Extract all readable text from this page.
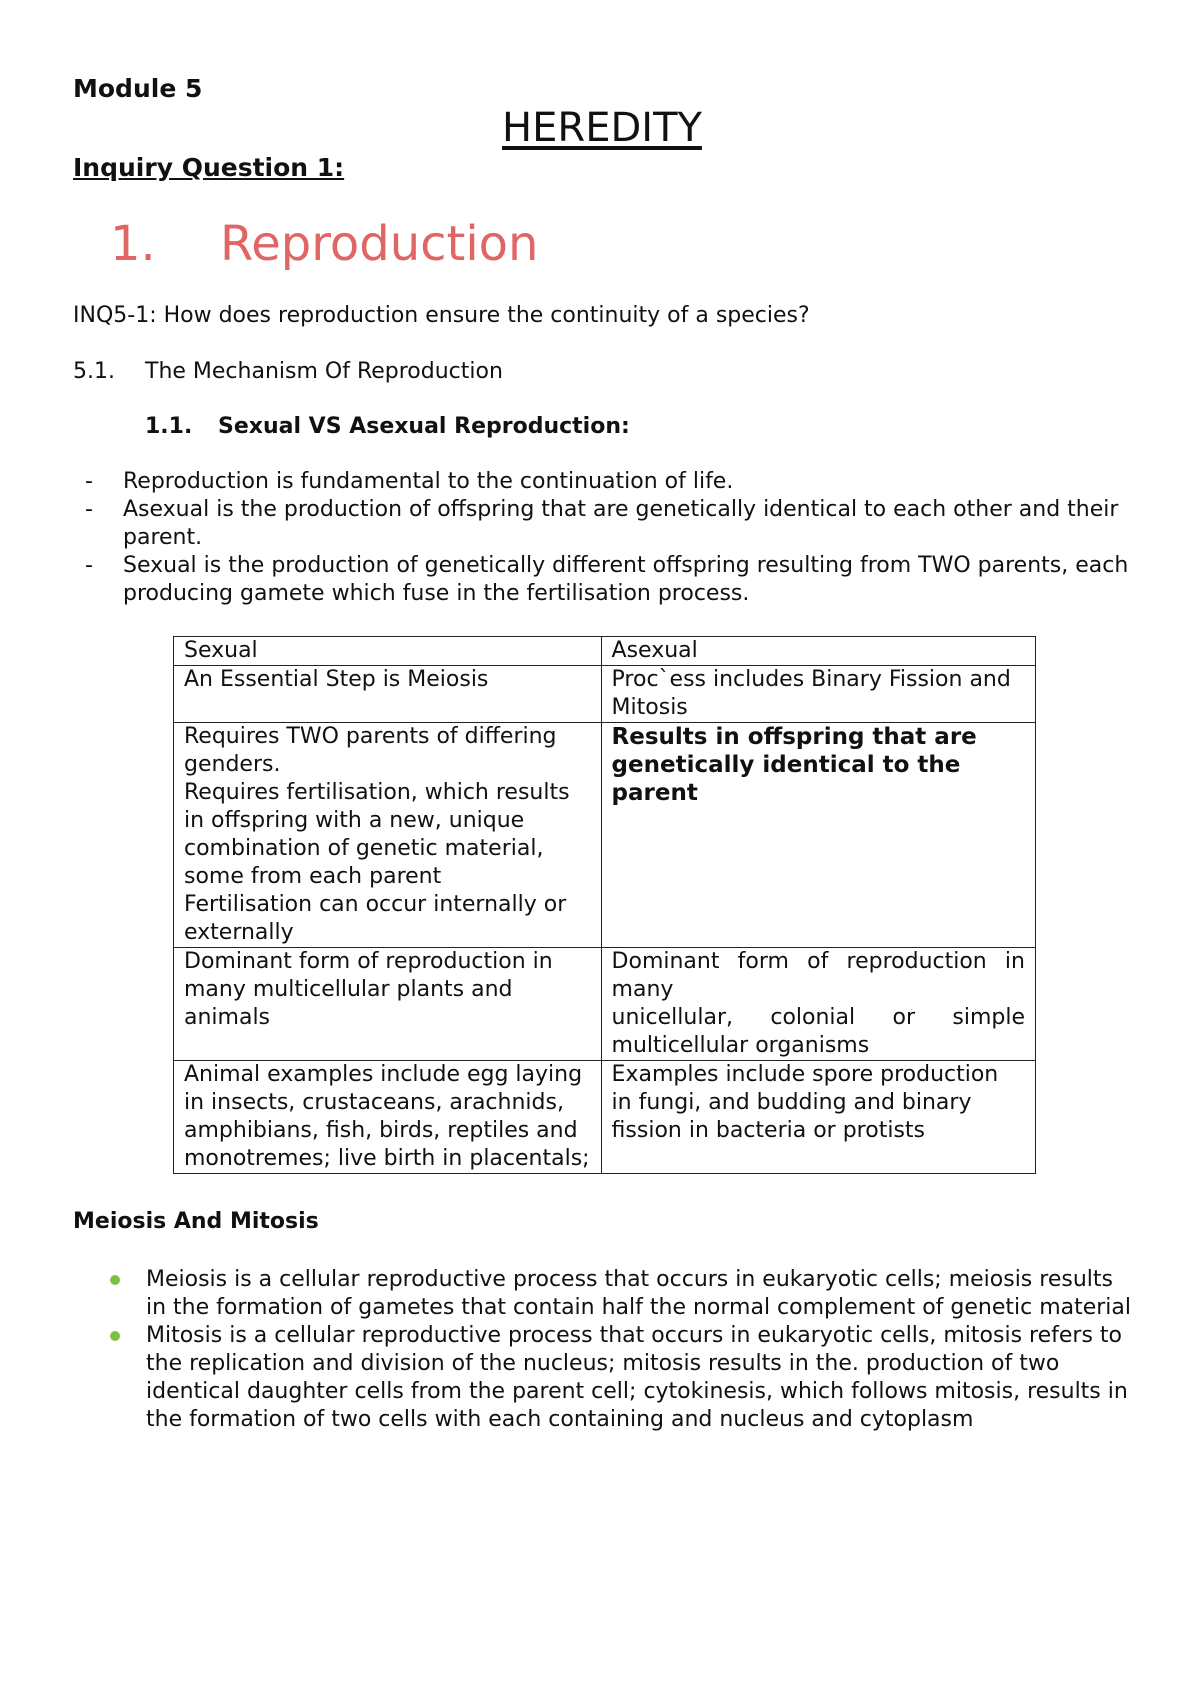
Module 5
HEREDITY
Inquiry Question 1:
1. Reproduction
INQ5-1: How does reproduction ensure the continuity of a species?
5.1. The Mechanism Of Reproduction
1.1. Sexual VS Asexual Reproduction:
- Reproduction is fundamental to the continuation of life.
- Asexual is the production of offspring that are genetically identical to each other and their parent.
- Sexual is the production of genetically different offspring resulting from TWO parents, each producing gamete which fuse in the fertilisation process.
Sexual	Asexual
An Essential Step is Meiosis	Proc`ess includes Binary Fission and Mitosis
Requires TWO parents of differing genders.
Requires fertilisation, which results in offspring with a new, unique combination of genetic material, some from each parent
Fertilisation can occur internally or externally	Results in offspring that are genetically identical to the parent
Dominant form of reproduction in many multicellular plants and animals	Dominant form of reproduction in many
unicellular, colonial or simple multicellular organisms
Animal examples include egg laying in insects, crustaceans, arachnids, amphibians, fish, birds, reptiles and monotremes; live birth in placentals;	Examples include spore production in fungi, and budding and binary fission in bacteria or protists
Meiosis And Mitosis
Meiosis is a cellular reproductive process that occurs in eukaryotic cells; meiosis results in the formation of gametes that contain half the normal complement of genetic material
Mitosis is a cellular reproductive process that occurs in eukaryotic cells, mitosis refers to the replication and division of the nucleus; mitosis results in the. production of two identical daughter cells from the parent cell; cytokinesis, which follows mitosis, results in the formation of two cells with each containing and nucleus and cytoplasm
